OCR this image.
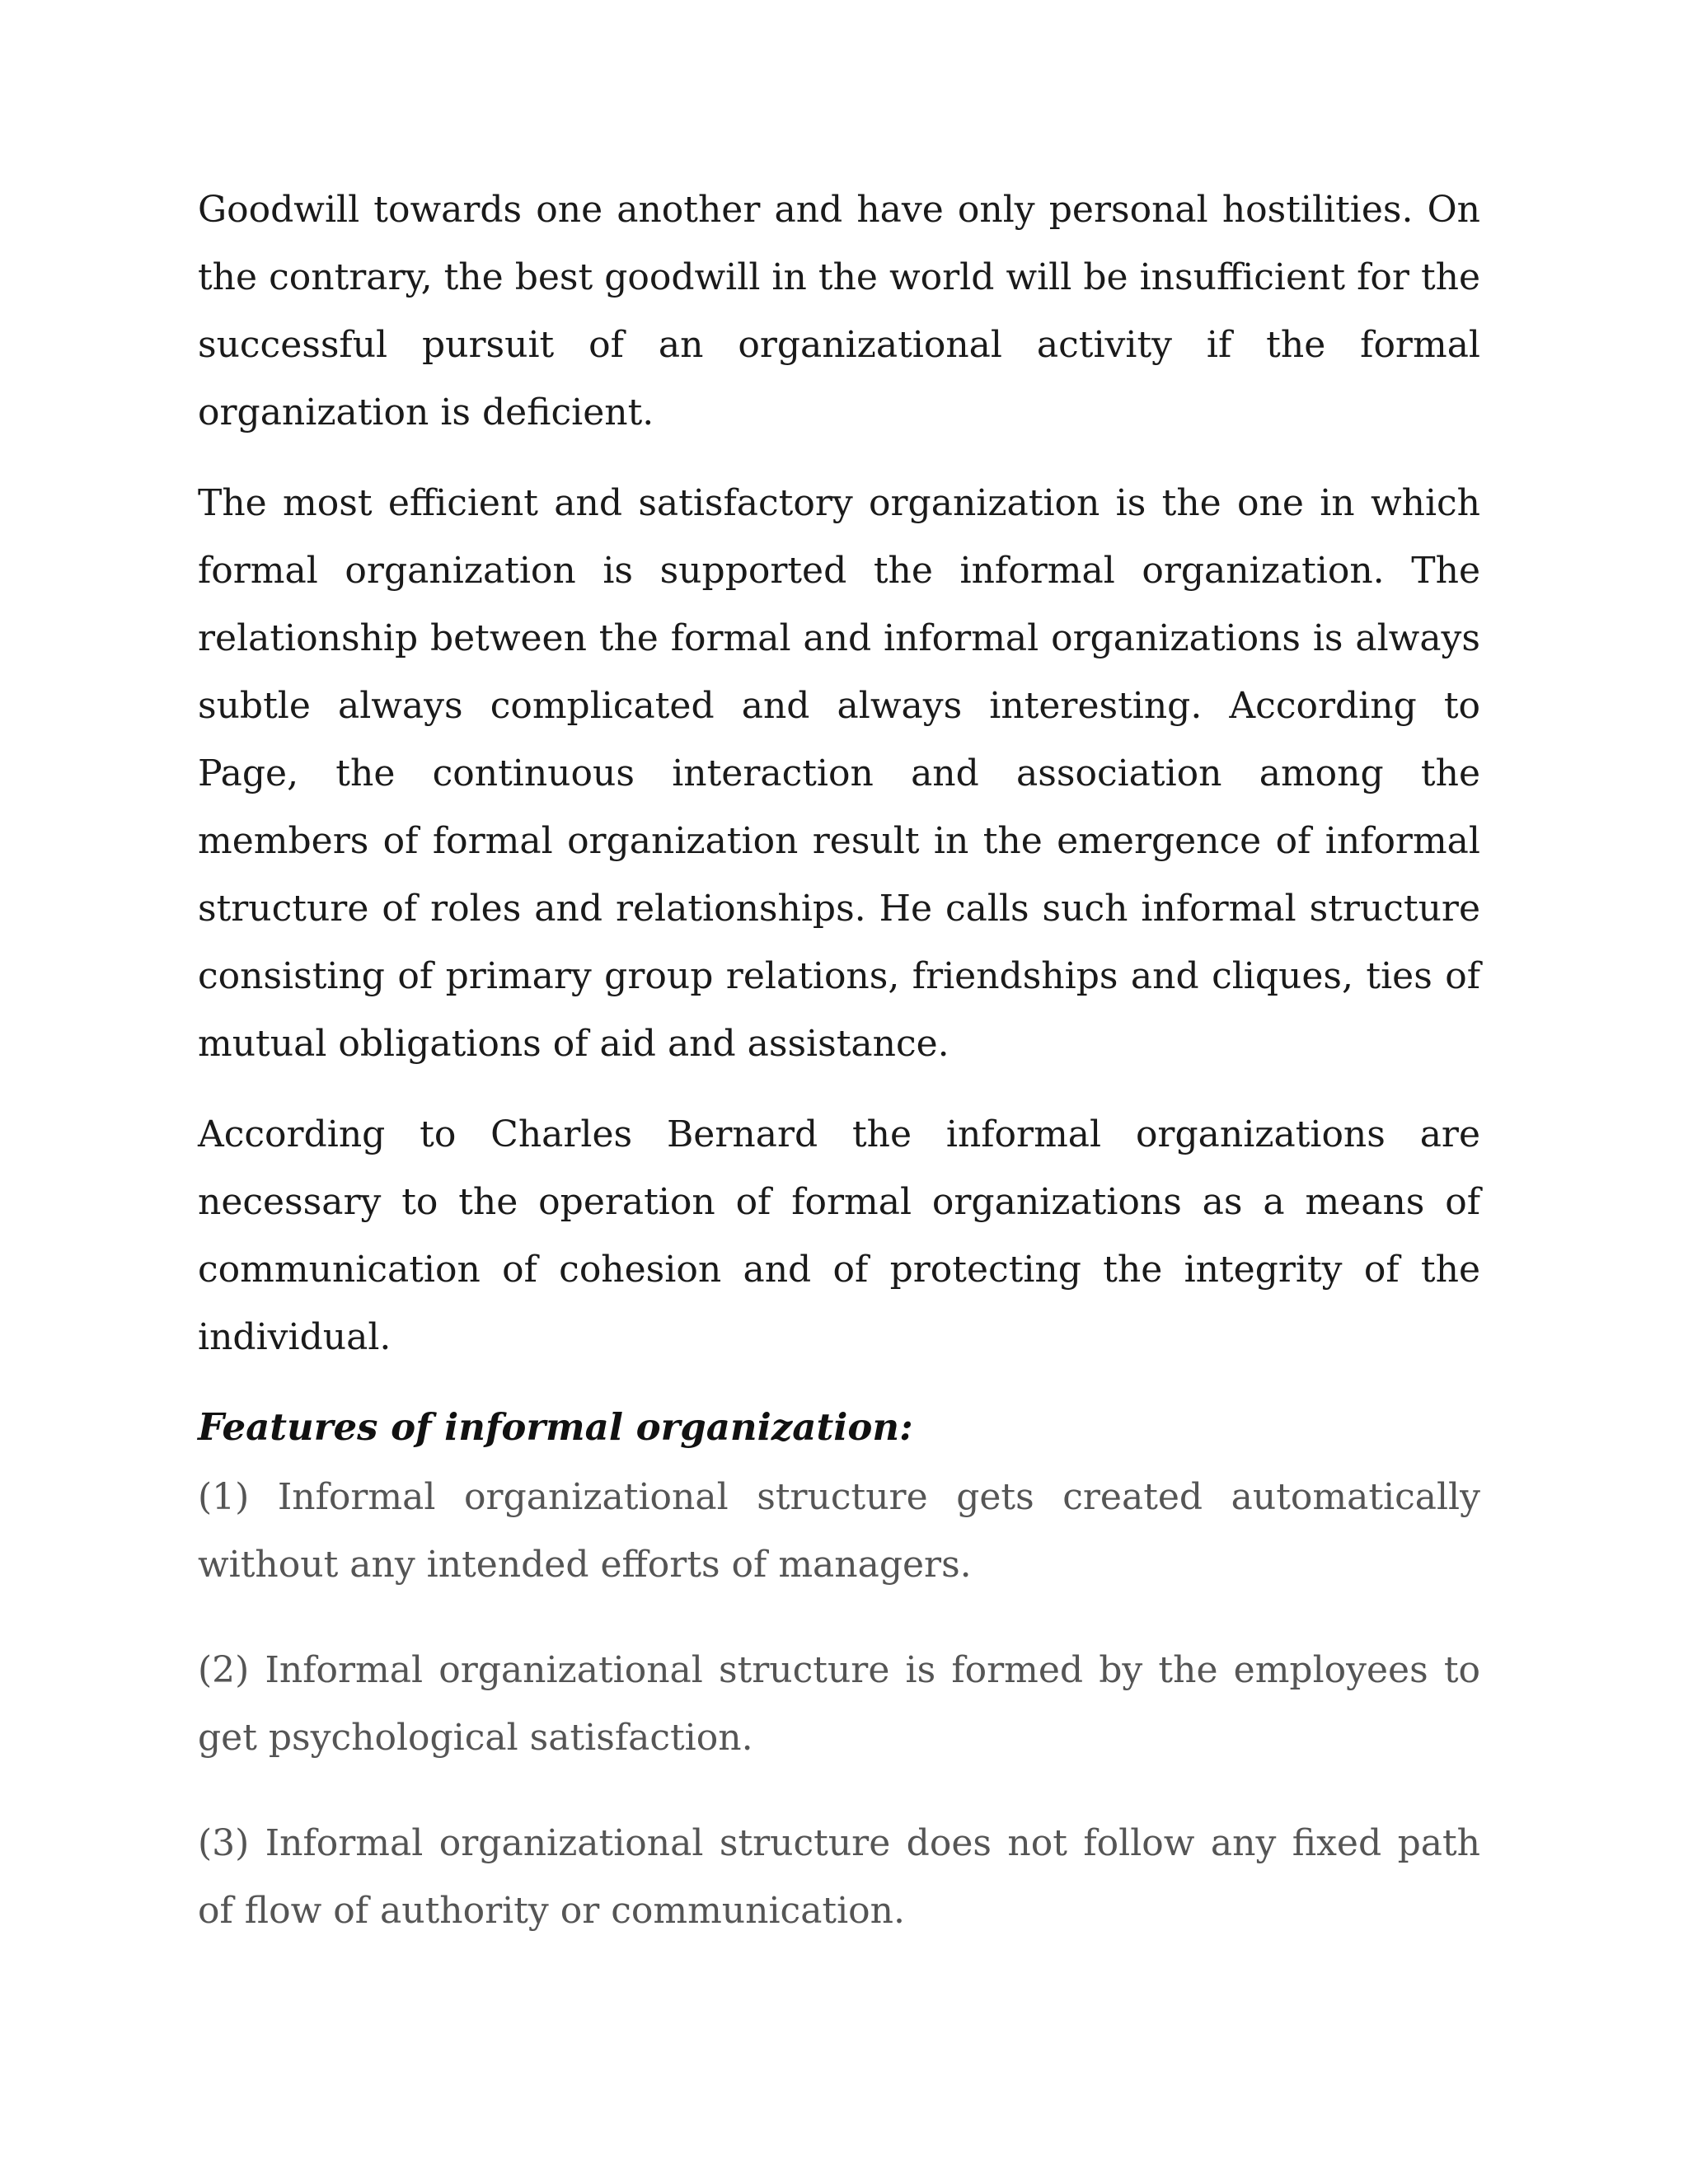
Goodwill towards one another and have only personal hostilities. On the contrary, the best goodwill in the world will be insufficient for the successful pursuit of an organizational activity if the formal organization is deficient.

The most efficient and satisfactory organization is the one in which formal organization is supported the informal organization. The relationship between the formal and informal organizations is always subtle always complicated and always interesting. According to Page, the continuous interaction and association among the members of formal organization result in the emergence of informal structure of roles and relationships. He calls such informal structure consisting of primary group relations, friendships and cliques, ties of mutual obligations of aid and assistance.

According to Charles Bernard the informal organizations are necessary to the operation of formal organizations as a means of communication of cohesion and of protecting the integrity of the individual.

Features of informal organization:

(1) Informal organizational structure gets created automatically without any intended efforts of managers.

(2) Informal organizational structure is formed by the employees to get psychological satisfaction.

(3) Informal organizational structure does not follow any fixed path of flow of authority or communication.
